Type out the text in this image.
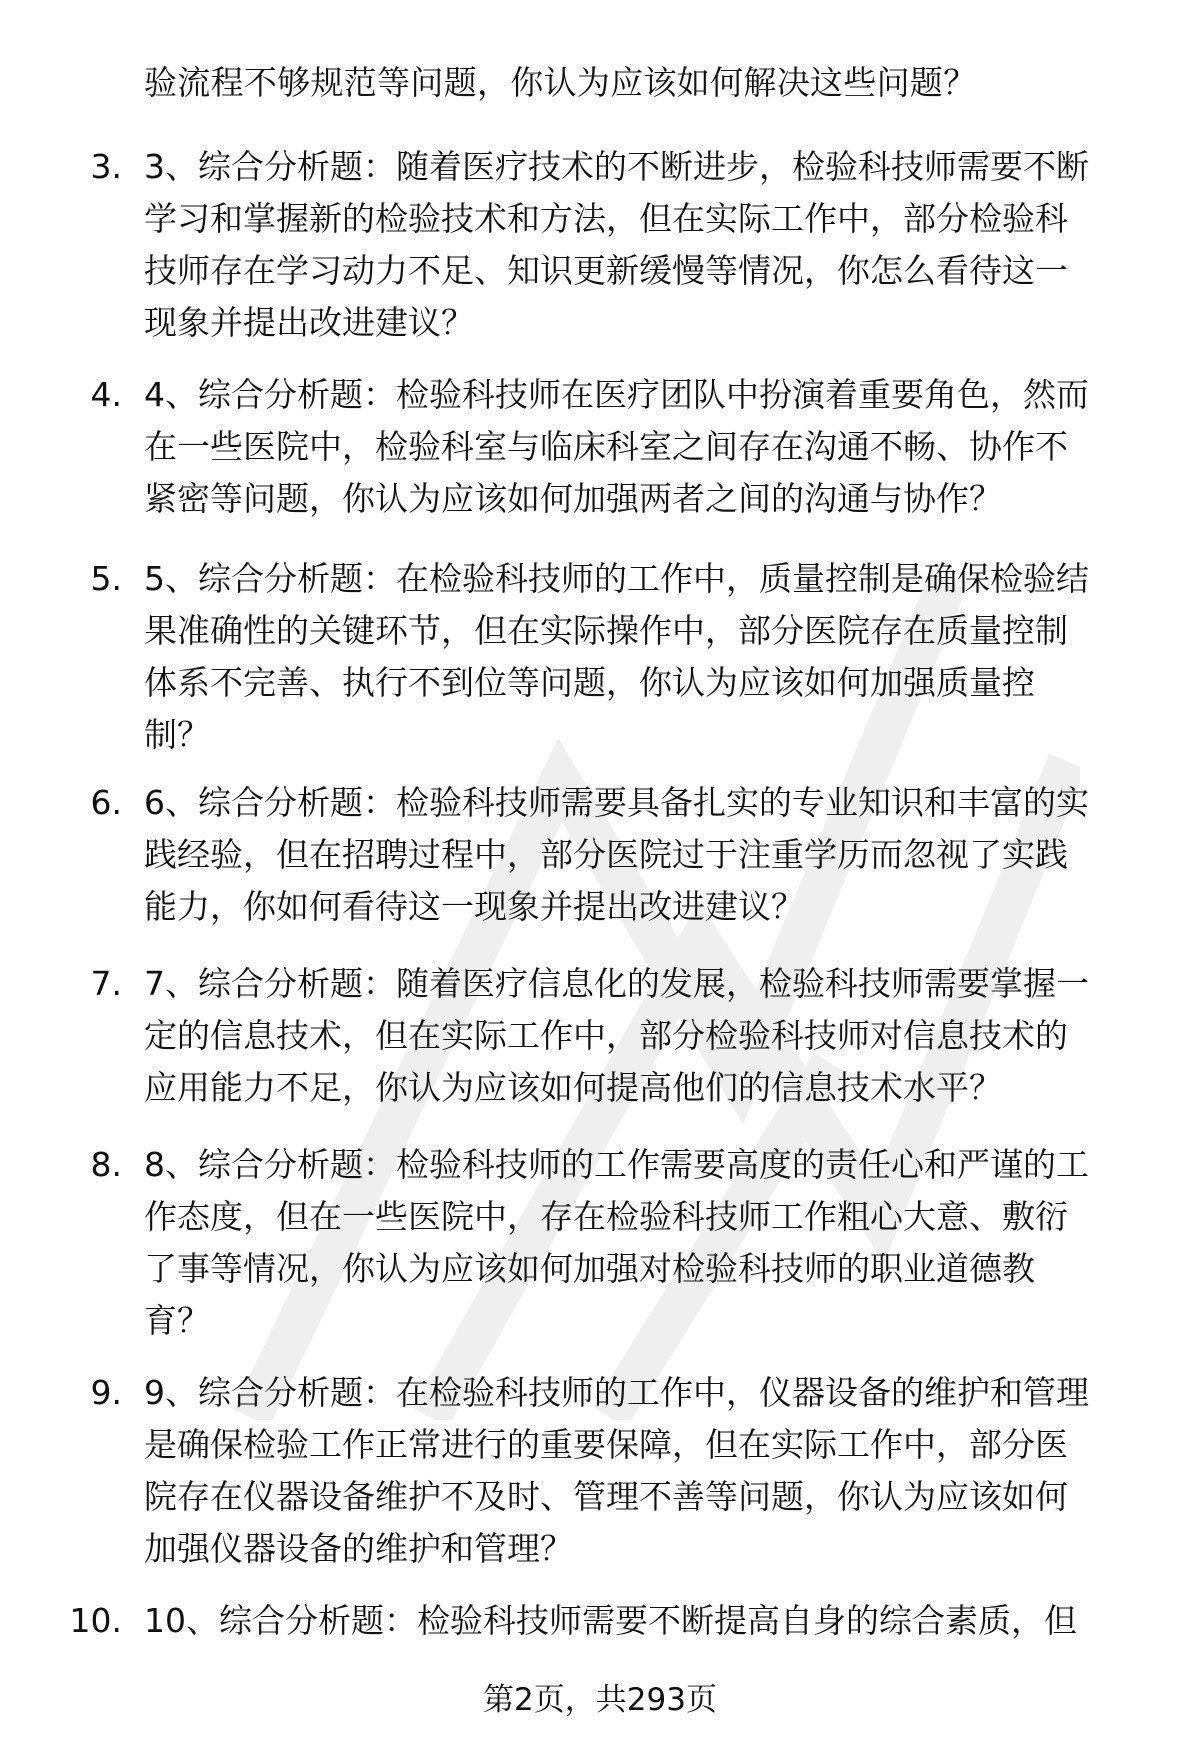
验流程不够规范等问题，你认为应该如何解决这些问题？
3. 3、综合分析题：随着医疗技术的不断进步，检验科技师需要不断
学习和掌握新的检验技术和方法，但在实际工作中，部分检验科
技师存在学习动力不足、知识更新缓慢等情况，你怎么看待这一
现象并提出改进建议？
4. 4、综合分析题：检验科技师在医疗团队中扮演着重要角色，然而
在一些医院中，检验科室与临床科室之间存在沟通不畅、协作不
紧密等问题，你认为应该如何加强两者之间的沟通与协作？
5. 5、综合分析题：在检验科技师的工作中，质量控制是确保检验结
果准确性的关键环节，但在实际操作中，部分医院存在质量控制
体系不完善、执行不到位等问题，你认为应该如何加强质量控
制？
6. 6、综合分析题：检验科技师需要具备扎实的专业知识和丰富的实
践经验，但在招聘过程中，部分医院过于注重学历而忽视了实践
能力，你如何看待这一现象并提出改进建议？
7. 7、综合分析题：随着医疗信息化的发展，检验科技师需要掌握一
定的信息技术，但在实际工作中，部分检验科技师对信息技术的
应用能力不足，你认为应该如何提高他们的信息技术水平？
8. 8、综合分析题：检验科技师的工作需要高度的责任心和严谨的工
作态度，但在一些医院中，存在检验科技师工作粗心大意、敷衍
了事等情况，你认为应该如何加强对检验科技师的职业道德教
育？
9. 9、综合分析题：在检验科技师的工作中，仪器设备的维护和管理
是确保检验工作正常进行的重要保障，但在实际工作中，部分医
院存在仪器设备维护不及时、管理不善等问题，你认为应该如何
加强仪器设备的维护和管理？
10. 10、综合分析题：检验科技师需要不断提高自身的综合素质，但
第2页，共293页
